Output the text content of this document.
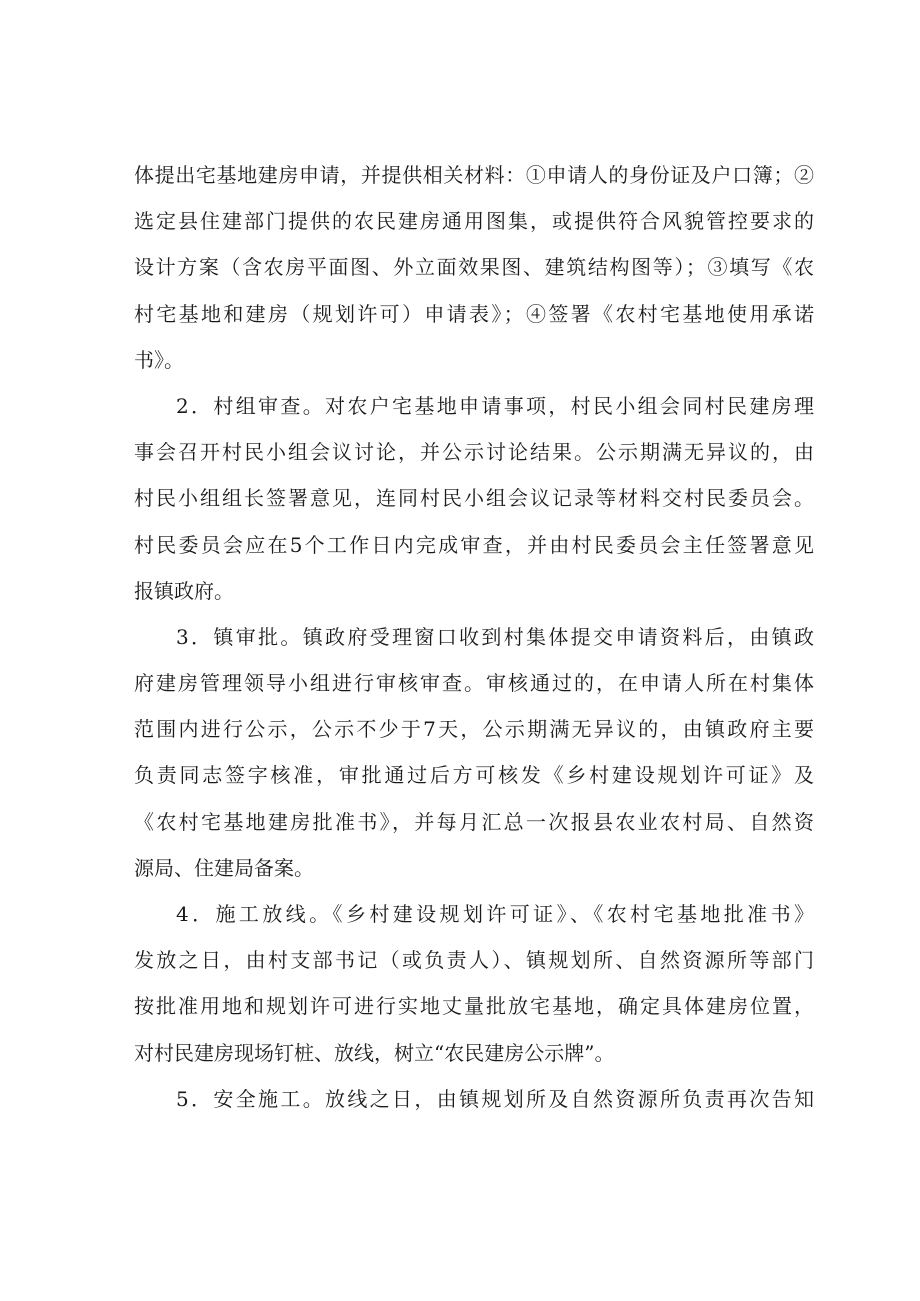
体提出宅基地建房申请，并提供相关材料：①申请人的身份证及户口簿；②
选定县住建部门提供的农民建房通用图集，或提供符合风貌管控要求的
设计方案（含农房平面图、外立面效果图、建筑结构图等）；③填写《农
村宅基地和建房（规划许可）申请表》；④签署《农村宅基地使用承诺
书》。
2．村组审查。对农户宅基地申请事项，村民小组会同村民建房理
事会召开村民小组会议讨论，并公示讨论结果。公示期满无异议的，由
村民小组组长签署意见，连同村民小组会议记录等材料交村民委员会。
村民委员会应在5个工作日内完成审查，并由村民委员会主任签署意见
报镇政府。
3．镇审批。镇政府受理窗口收到村集体提交申请资料后，由镇政
府建房管理领导小组进行审核审查。审核通过的，在申请人所在村集体
范围内进行公示，公示不少于7天，公示期满无异议的，由镇政府主要
负责同志签字核准，审批通过后方可核发《乡村建设规划许可证》及
《农村宅基地建房批准书》，并每月汇总一次报县农业农村局、自然资
源局、住建局备案。
4．施工放线。《乡村建设规划许可证》、《农村宅基地批准书》
发放之日，由村支部书记（或负责人）、镇规划所、自然资源所等部门
按批准用地和规划许可进行实地丈量批放宅基地，确定具体建房位置，
对村民建房现场钉桩、放线，树立“农民建房公示牌”。
5．安全施工。放线之日，由镇规划所及自然资源所负责再次告知
